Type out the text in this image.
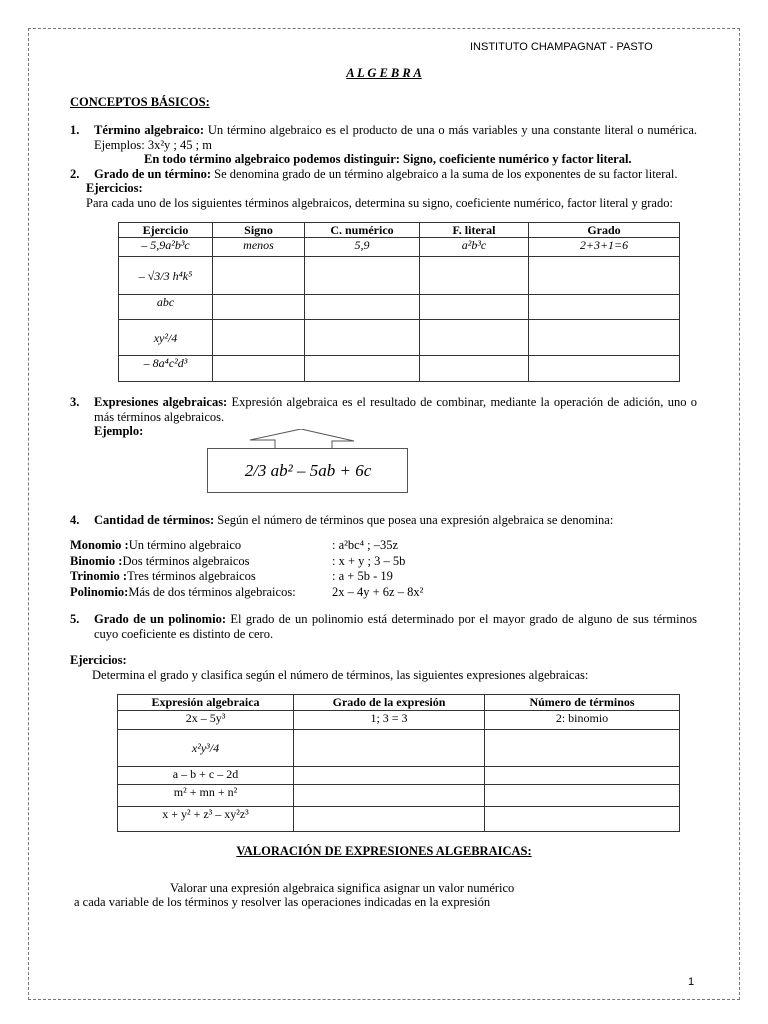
INSTITUTO CHAMPAGNAT - PASTO
A L G E B R A
CONCEPTOS BÁSICOS:
1. Término algebraico: Un término algebraico es el producto de una o más variables y una constante literal o numérica. Ejemplos: 3x²y ; 45 ; m
En todo término algebraico podemos distinguir: Signo, coeficiente numérico y factor literal.
2. Grado de un término: Se denomina grado de un término algebraico a la suma de los exponentes de su factor literal.
Ejercicios:
Para cada uno de los siguientes términos algebraicos, determina su signo, coeficiente numérico, factor literal y grado:
Ejercicio	Signo	C. numérico	F. literal	Grado
– 5,9a²b³c	menos	5,9	a²b³c	2+3+1=6
– √3/3 h⁴k⁵				
abc				
xy²/4				
– 8a⁴c²d³				
3. Expresiones algebraicas: Expresión algebraica es el resultado de combinar, mediante la operación de adición, uno o más términos algebraicos.
Ejemplo:
2/3 ab² – 5ab + 6c
4. Cantidad de términos: Según el número de términos que posea una expresión algebraica se denomina:
Monomio :Un término algebraico	: a²bc⁴ ; –35z
Binomio :Dos términos algebraicos	: x + y ; 3 – 5b
Trinomio :Tres términos algebraicos	: a + 5b - 19
Polinomio:Más de dos términos algebraicos:	2x – 4y + 6z – 8x²
5. Grado de un polinomio: El grado de un polinomio está determinado por el mayor grado de alguno de sus términos cuyo coeficiente es distinto de cero.
Ejercicios:
Determina el grado y clasifica según el número de términos, las siguientes expresiones algebraicas:
Expresión algebraica	Grado de la expresión	Número de términos
2x – 5y³	1; 3 = 3	2: binomio
x²y³/4		
a – b + c – 2d		
m² + mn + n²		
x + y² + z³ – xy²z³		
VALORACIÓN DE EXPRESIONES ALGEBRAICAS:
Valorar una expresión algebraica significa asignar un valor numérico
a cada variable de los términos y resolver las operaciones indicadas en la expresión
1
